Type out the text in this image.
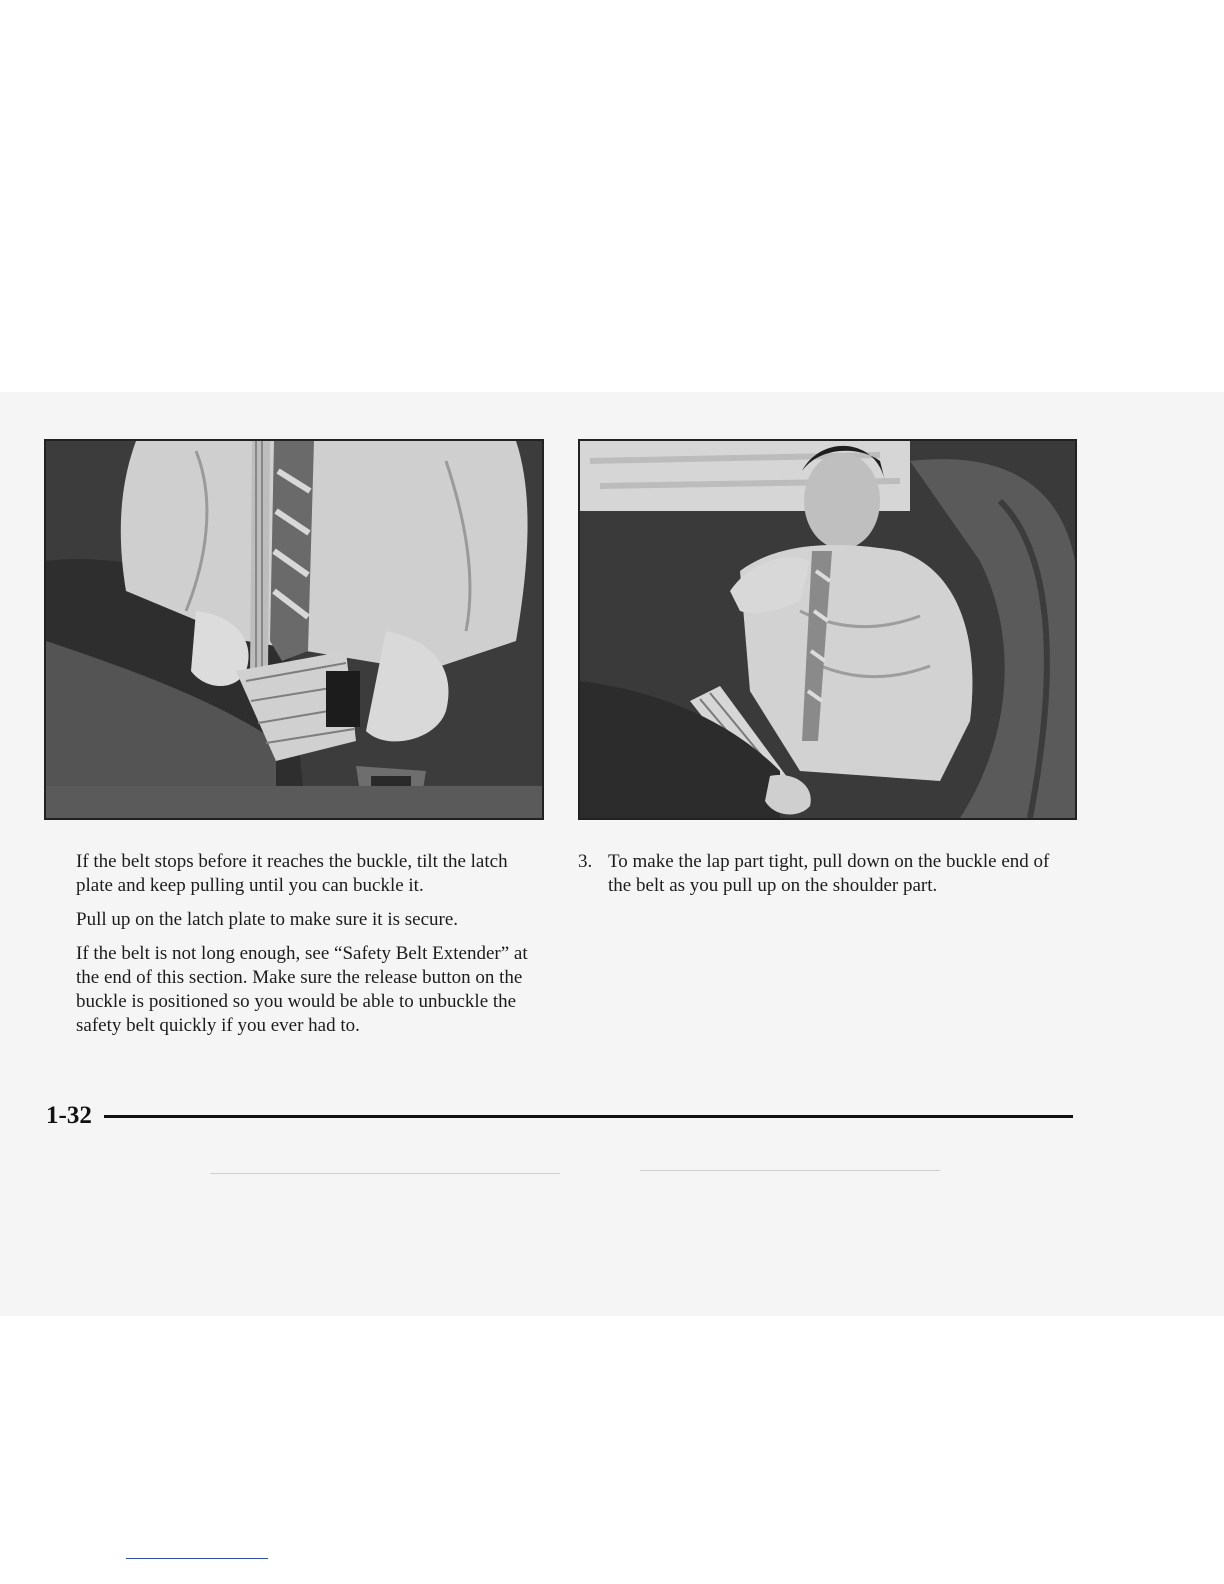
If the belt stops before it reaches the buckle, tilt the latch plate and keep pulling until you can buckle it.

Pull up on the latch plate to make sure it is secure.

If the belt is not long enough, see “Safety Belt Extender” at the end of this section. Make sure the release button on the buckle is positioned so you would be able to unbuckle the safety belt quickly if you ever had to.

3. To make the lap part tight, pull down on the buckle end of the belt as you pull up on the shoulder part.
1-32
